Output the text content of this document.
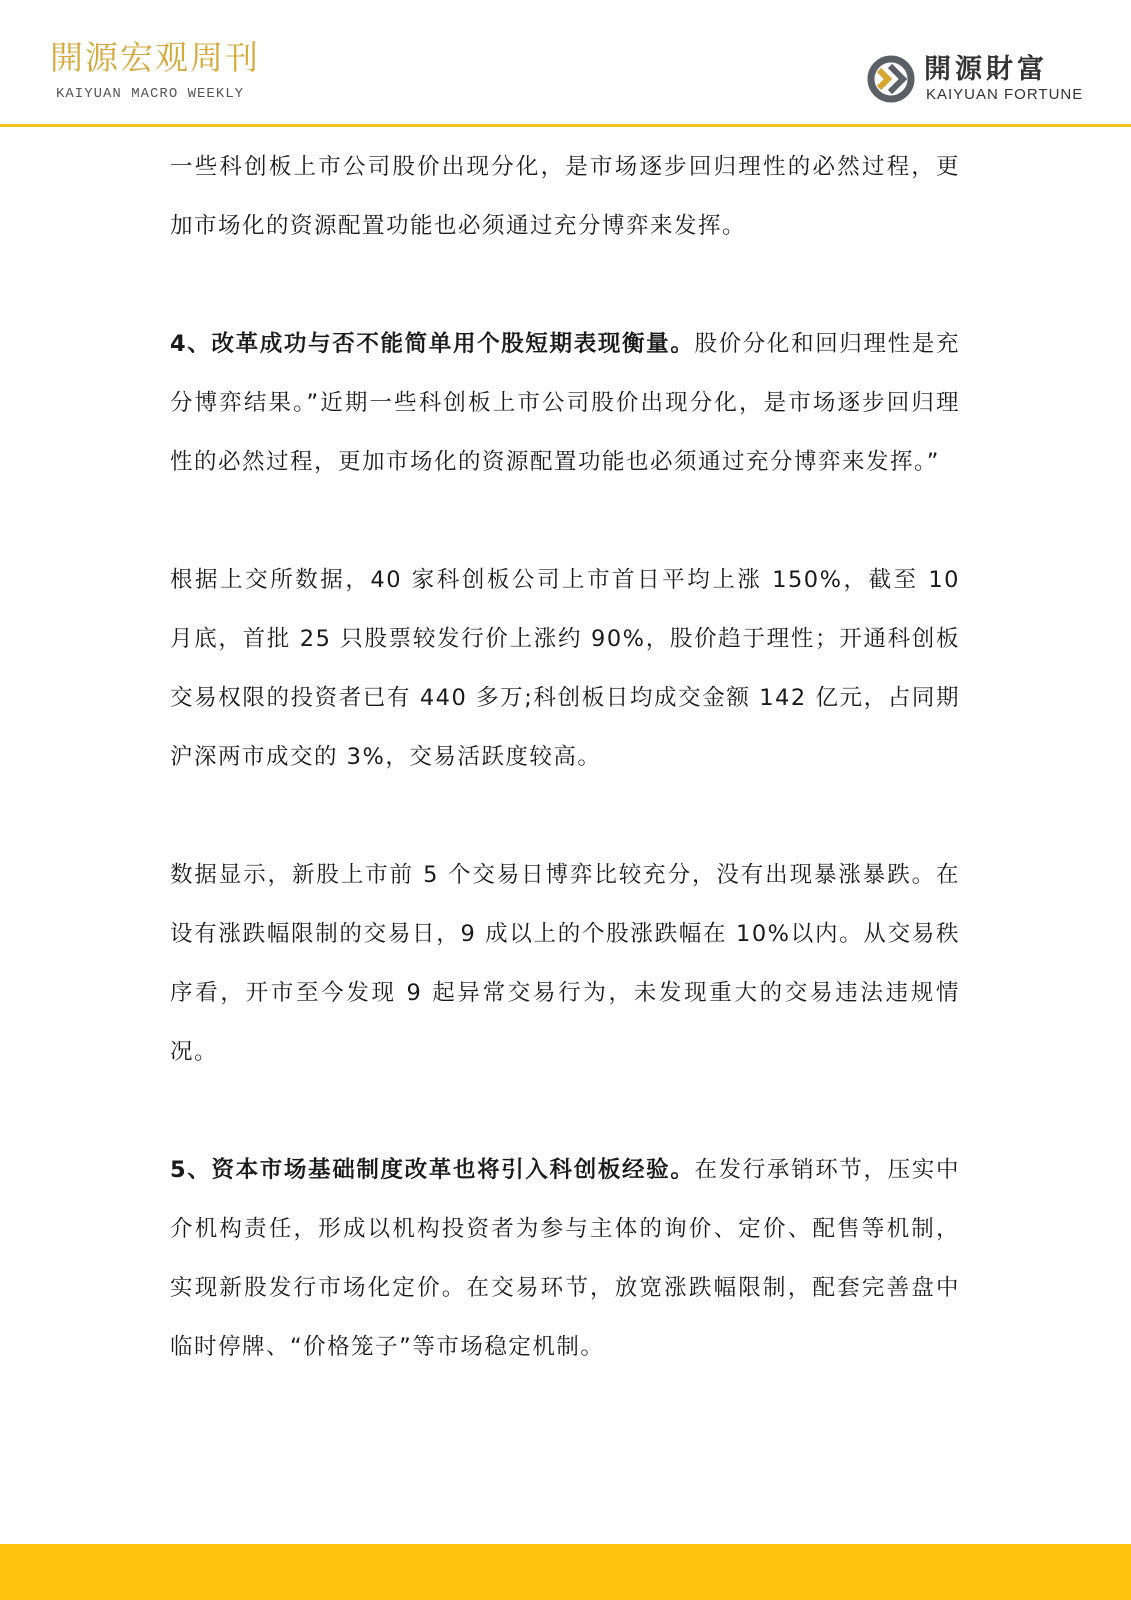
開源宏观周刊
KAIYUAN MACRO WEEKLY
開源財富
KAIYUAN FORTUNE

一些科创板上市公司股价出现分化，是市场逐步回归理性的必然过程，更加市场化的资源配置功能也必须通过充分博弈来发挥。

4、改革成功与否不能简单用个股短期表现衡量。股价分化和回归理性是充分博弈结果。”近期一些科创板上市公司股价出现分化，是市场逐步回归理性的必然过程，更加市场化的资源配置功能也必须通过充分博弈来发挥。”

根据上交所数据，40 家科创板公司上市首日平均上涨 150%，截至 10 月底，首批 25 只股票较发行价上涨约 90%，股价趋于理性；开通科创板交易权限的投资者已有 440 多万;科创板日均成交金额 142 亿元，占同期沪深两市成交的 3%，交易活跃度较高。

数据显示，新股上市前 5 个交易日博弈比较充分，没有出现暴涨暴跌。在设有涨跌幅限制的交易日，9 成以上的个股涨跌幅在 10%以内。从交易秩序看，开市至今发现 9 起异常交易行为，未发现重大的交易违法违规情况。

5、资本市场基础制度改革也将引入科创板经验。在发行承销环节，压实中介机构责任，形成以机构投资者为参与主体的询价、定价、配售等机制，实现新股发行市场化定价。在交易环节，放宽涨跌幅限制，配套完善盘中临时停牌、“价格笼子”等市场稳定机制。
